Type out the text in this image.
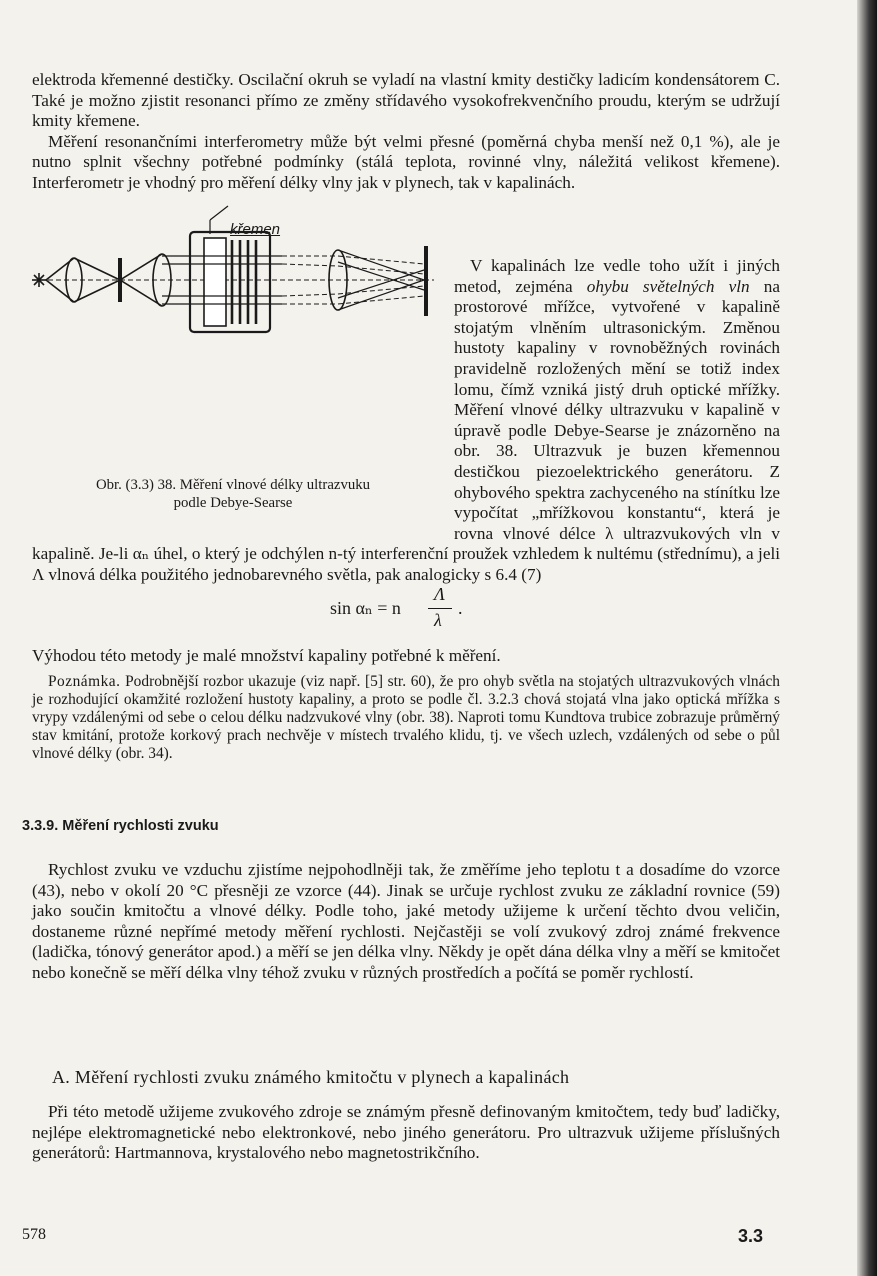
elektroda křemenné destičky. Oscilační okruh se vyladí na vlastní kmity destičky ladicím kondensátorem C. Také je možno zjistit resonanci přímo ze změny střídavého vysokofrekvenčního proudu, kterým se udržují kmity křemene.

Měření resonančními interferometry může být velmi přesné (poměrná chyba menší než 0,1 %), ale je nutno splnit všechny potřebné podmínky (stálá teplota, rovinné vlny, náležitá velikost křemene). Interferometr je vhodný pro měření délky vlny jak v plynech, tak v kapalinách.

křemen
Obr. (3.3) 38. Měření vlnové délky ultrazvuku
podle Debye-Searse

V kapalinách lze vedle toho užít i jiných metod, zejména ohybu světelných vln na prostorové mřížce, vytvořené v kapalině stojatým vlněním ultrasonickým. Změnou hustoty kapaliny v rovnoběžných rovinách pravidelně rozložených mění se totiž index lomu, čímž vzniká jistý druh optické mřížky. Měření vlnové délky ultrazvuku v kapalině v úpravě podle Debye-Searse je znázorněno na obr. 38. Ultrazvuk je buzen křemennou destičkou piezoelektrického generátoru. Z ohybového spektra zachyceného na stínítku lze vypočítat „mřížkovou konstantu“, která je rovna vlnové délce λ ultrazvukových vln v kapalině. Je-li αₙ úhel, o který je odchýlen n-tý interferenční proužek vzhledem k nultému (střednímu), a jeli Λ vlnová délka použitého jednobarevného světla, pak analogicky s 6.4 (7)

sin αₙ = n
Λ
λ
.

Výhodou této metody je malé množství kapaliny potřebné k měření.

Poznámka. Podrobnější rozbor ukazuje (viz např. [5] str. 60), že pro ohyb světla na stojatých ultrazvukových vlnách je rozhodující okamžité rozložení hustoty kapaliny, a proto se podle čl. 3.2.3 chová stojatá vlna jako optická mřížka s vrypy vzdálenými od sebe o celou délku nadzvukové vlny (obr. 38). Naproti tomu Kundtova trubice zobrazuje průměrný stav kmitání, protože korkový prach nechvěje v místech trvalého klidu, tj. ve všech uzlech, vzdálených od sebe o půl vlnové délky (obr. 34).

3.3.9. Měření rychlosti zvuku

Rychlost zvuku ve vzduchu zjistíme nejpohodlněji tak, že změříme jeho teplotu t a dosadíme do vzorce (43), nebo v okolí 20 °C přesněji ze vzorce (44). Jinak se určuje rychlost zvuku ze základní rovnice (59) jako součin kmitočtu a vlnové délky. Podle toho, jaké metody užijeme k určení těchto dvou veličin, dostaneme různé nepřímé metody měření rychlosti. Nejčastěji se volí zvukový zdroj známé frekvence (ladička, tónový generátor apod.) a měří se jen délka vlny. Někdy je opět dána délka vlny a měří se kmitočet nebo konečně se měří délka vlny téhož zvuku v různých prostředích a počítá se poměr rychlostí.

A. Měření rychlosti zvuku známého kmitočtu v plynech a kapalinách

Při této metodě užijeme zvukového zdroje se známým přesně definovaným kmitočtem, tedy buď ladičky, nejlépe elektromagnetické nebo elektronkové, nebo jiného generátoru. Pro ultrazvuk užijeme příslušných generátorů: Hartmannova, krystalového nebo magnetostrikčního.

578	3.3
